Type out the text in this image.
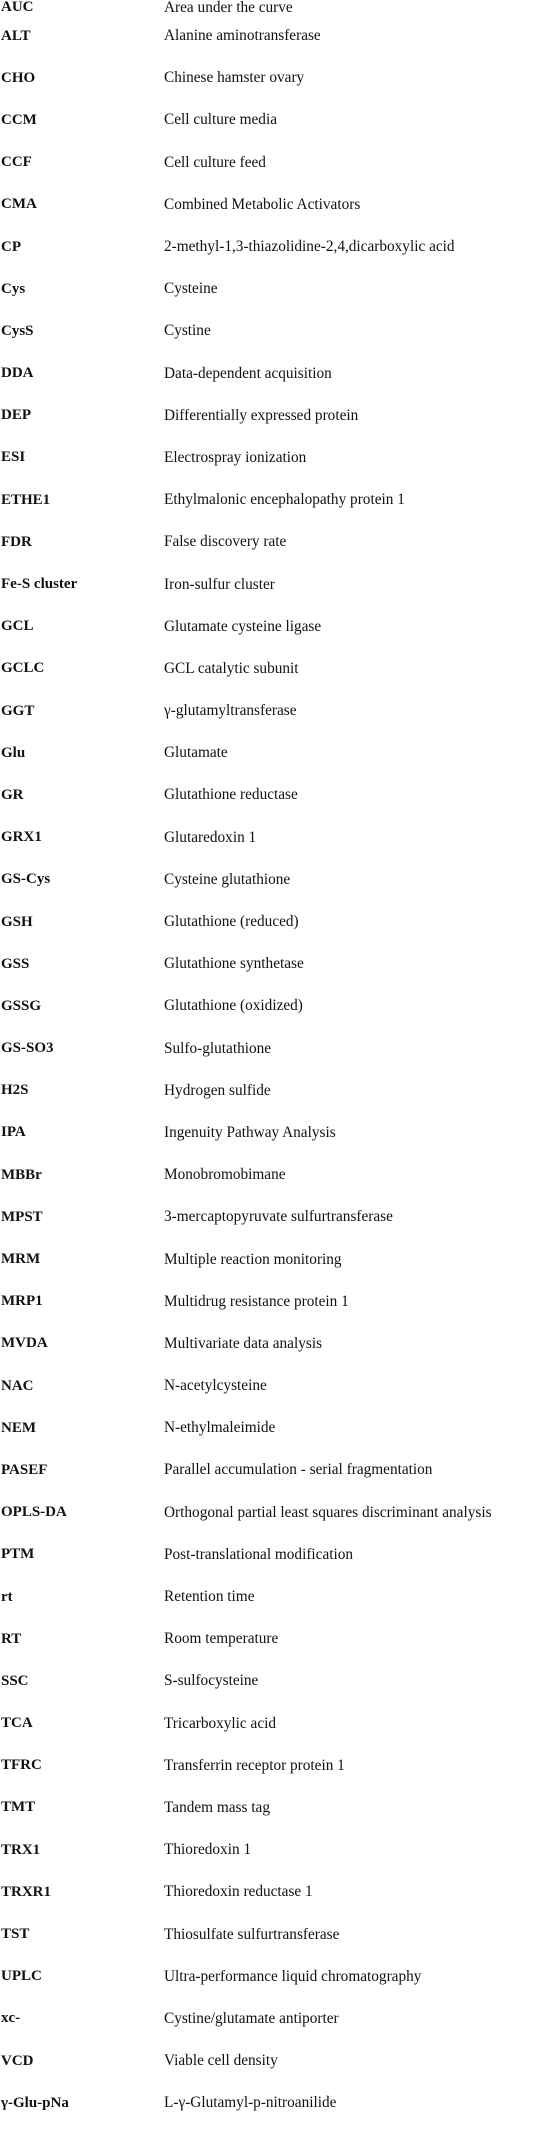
AUC	Area under the curve
ALT	Alanine aminotransferase
CHO	Chinese hamster ovary
CCM	Cell culture media
CCF	Cell culture feed
CMA	Combined Metabolic Activators
CP	2-methyl-1,3-thiazolidine-2,4,dicarboxylic acid
Cys	Cysteine
CysS	Cystine
DDA	Data-dependent acquisition
DEP	Differentially expressed protein
ESI	Electrospray ionization
ETHE1	Ethylmalonic encephalopathy protein 1
FDR	False discovery rate
Fe-S cluster	Iron-sulfur cluster
GCL	Glutamate cysteine ligase
GCLC	GCL catalytic subunit
GGT	γ-glutamyltransferase
Glu	Glutamate
GR	Glutathione reductase
GRX1	Glutaredoxin 1
GS-Cys	Cysteine glutathione
GSH	Glutathione (reduced)
GSS	Glutathione synthetase
GSSG	Glutathione (oxidized)
GS-SO3	Sulfo-glutathione
H2S	Hydrogen sulfide
IPA	Ingenuity Pathway Analysis
MBBr	Monobromobimane
MPST	3-mercaptopyruvate sulfurtransferase
MRM	Multiple reaction monitoring
MRP1	Multidrug resistance protein 1
MVDA	Multivariate data analysis
NAC	N-acetylcysteine
NEM	N-ethylmaleimide
PASEF	Parallel accumulation - serial fragmentation
OPLS-DA	Orthogonal partial least squares discriminant analysis
PTM	Post-translational modification
rt	Retention time
RT	Room temperature
SSC	S-sulfocysteine
TCA	Tricarboxylic acid
TFRC	Transferrin receptor protein 1
TMT	Tandem mass tag
TRX1	Thioredoxin 1
TRXR1	Thioredoxin reductase 1
TST	Thiosulfate sulfurtransferase
UPLC	Ultra-performance liquid chromatography
xc-	Cystine/glutamate antiporter
VCD	Viable cell density
γ-Glu-pNa	L-γ-Glutamyl-p-nitroanilide
